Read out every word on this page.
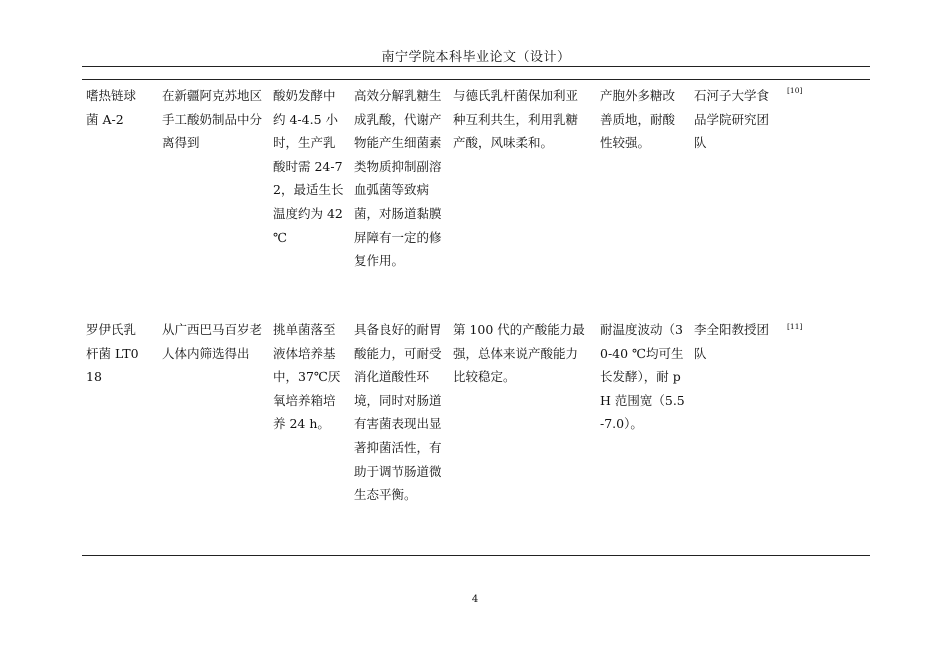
南宁学院本科毕业论文（设计）
嗜热链球菌 A-2
在新疆阿克苏地区手工酸奶制品中分离得到
酸奶发酵中约 4-4.5 小时，生产乳酸时需 24-72，最适生长温度约为 42 ℃
高效分解乳糖生成乳酸，代谢产物能产生细菌素类物质抑制副溶血弧菌等致病菌，对肠道黏膜屏障有一定的修复作用。
与德氏乳杆菌保加利亚种互利共生，利用乳糖产酸，风味柔和。
产胞外多糖改善质地，耐酸性较强。
石河子大学食品学院研究团队
[10]
罗伊氏乳杆菌 LT018
从广西巴马百岁老人体内筛选得出
挑单菌落至液体培养基中，37℃厌氧培养箱培养 24 h。
具备良好的耐胃酸能力，可耐受消化道酸性环境，同时对肠道有害菌表现出显著抑菌活性，有助于调节肠道微生态平衡。
第 100 代的产酸能力最强，总体来说产酸能力比较稳定。
耐温度波动（30-40 ℃均可生长发酵），耐 pH 范围宽（5.5-7.0）。
李全阳教授团队
[11]
4
